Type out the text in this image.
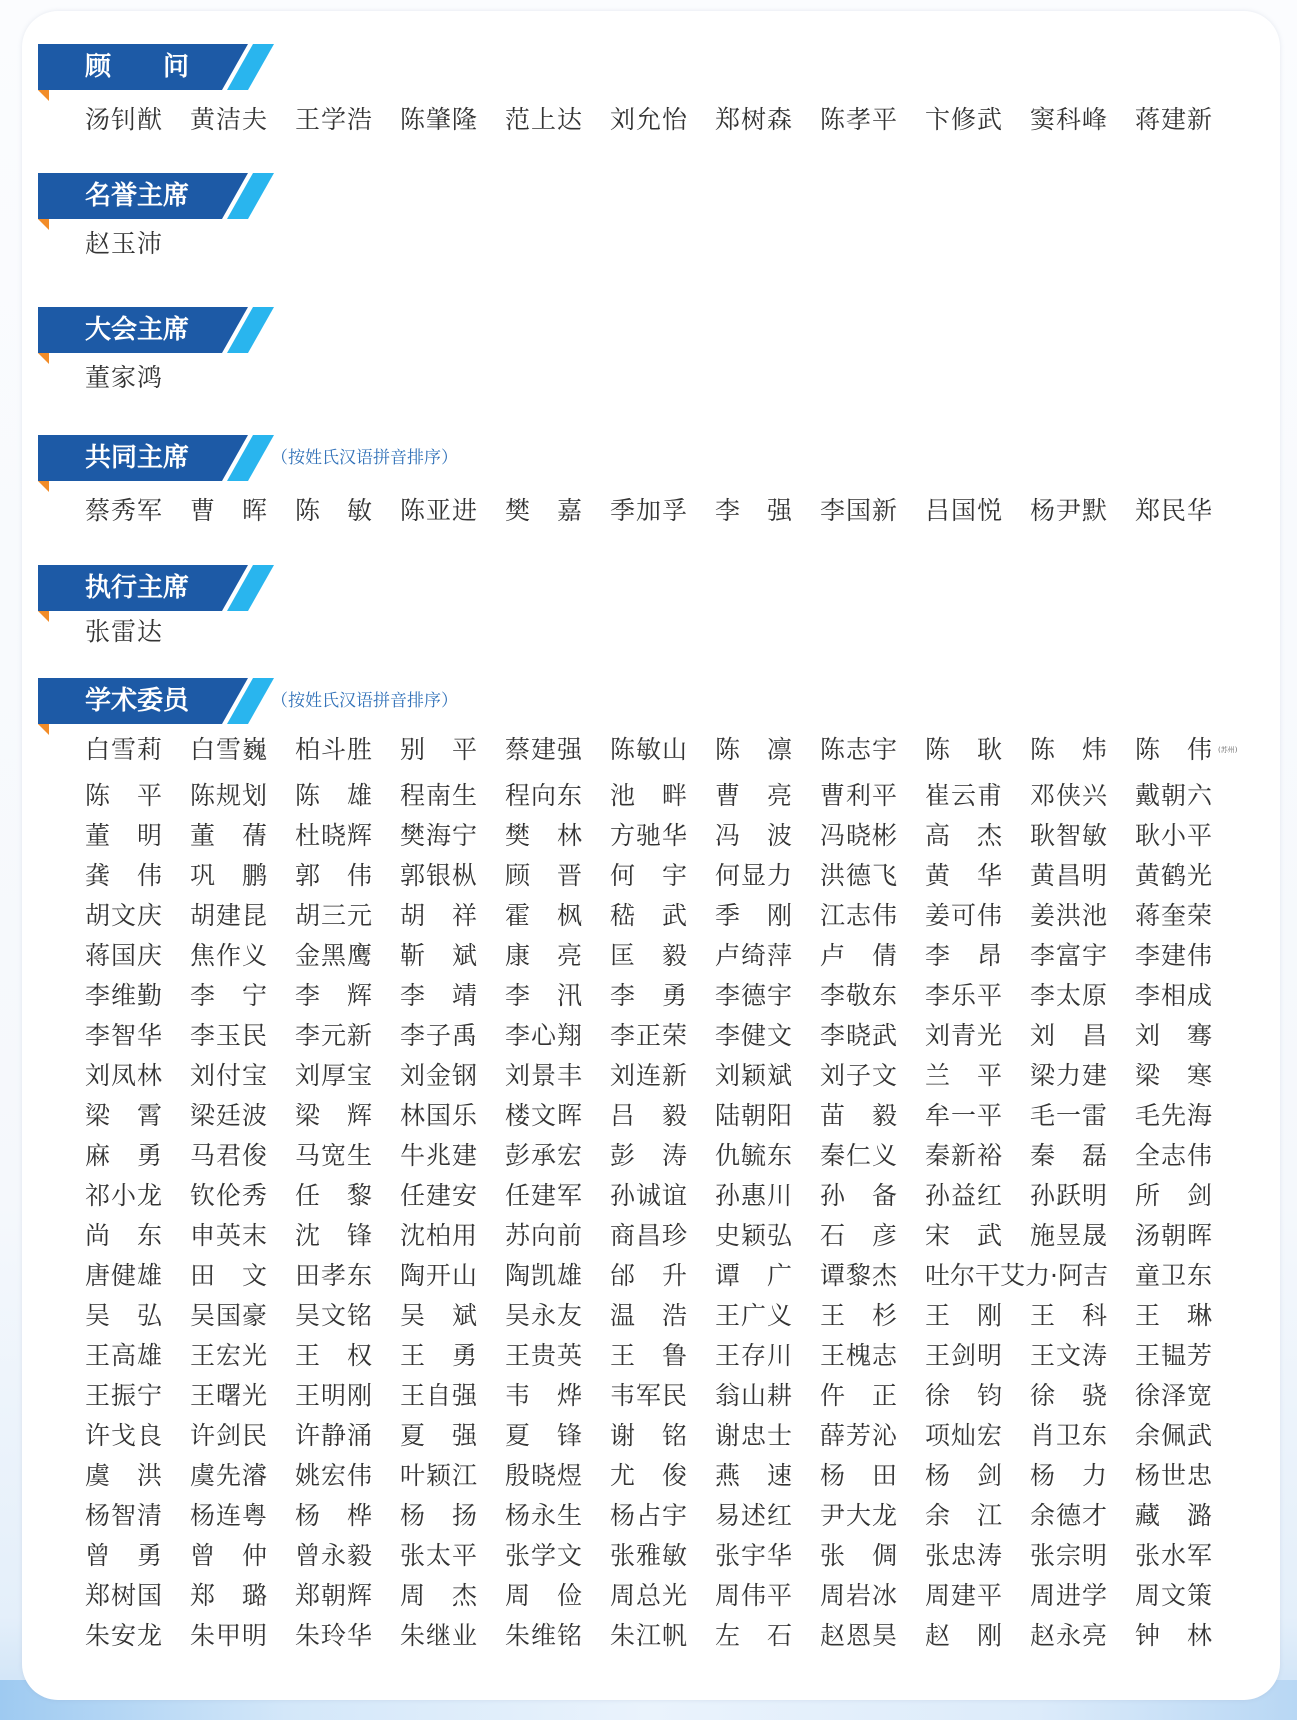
顾 问
汤 钊 猷 黄 洁 夫 王 学 浩 陈 肇 隆 范 上 达 刘 允 怡 郑 树 森 陈 孝 平 卞 修 武 窦 科 峰 蒋 建 新
名 誉 主 席
赵 玉 沛
大 会 主 席
董 家 鸿
共 同 主 席	（按姓氏汉语拼音排序）
蔡 秀 军 曹 晖 陈 敏 陈 亚 进 樊 嘉 季 加 孚 李 强 李 国 新 吕 国 悦 杨 尹 默 郑 民 华
执 行 主 席
张 雷 达
学 术 委 员	（按姓氏汉语拼音排序）
白 雪 莉 白 雪 巍 柏 斗 胜 别 平 蔡 建 强 陈 敏 山 陈 凛 陈 志 宇 陈 耿 陈 炜 陈 伟 (苏州)
陈 平 陈 规 划 陈 雄 程 南 生 程 向 东 池 畔 曹 亮 曹 利 平 崔 云 甫 邓 侠 兴 戴 朝 六
董 明 董 蒨 杜 晓 辉 樊 海 宁 樊 林 方 驰 华 冯 波 冯 晓 彬 高 杰 耿 智 敏 耿 小 平
龚 伟 巩 鹏 郭 伟 郭 银 枞 顾 晋 何 宇 何 显 力 洪 德 飞 黄 华 黄 昌 明 黄 鹤 光
胡 文 庆 胡 建 昆 胡 三 元 胡 祥 霍 枫 嵇 武 季 刚 江 志 伟 姜 可 伟 姜 洪 池 蒋 奎 荣
蒋 国 庆 焦 作 义 金 黑 鹰 靳 斌 康 亮 匡 毅 卢 绮 萍 卢 倩 李 昂 李 富 宇 李 建 伟
李 维 勤 李 宁 李 辉 李 靖 李 汛 李 勇 李 德 宇 李 敬 东 李 乐 平 李 太 原 李 相 成
李 智 华 李 玉 民 李 元 新 李 子 禹 李 心 翔 李 正 荣 李 健 文 李 晓 武 刘 青 光 刘 昌 刘 骞
刘 凤 林 刘 付 宝 刘 厚 宝 刘 金 钢 刘 景 丰 刘 连 新 刘 颖 斌 刘 子 文 兰 平 梁 力 建 梁 寒
梁 霄 梁 廷 波 梁 辉 林 国 乐 楼 文 晖 吕 毅 陆 朝 阳 苗 毅 牟 一 平 毛 一 雷 毛 先 海
麻 勇 马 君 俊 马 宽 生 牛 兆 建 彭 承 宏 彭 涛 仇 毓 东 秦 仁 义 秦 新 裕 秦 磊 全 志 伟
祁 小 龙 钦 伦 秀 任 黎 任 建 安 任 建 军 孙 诚 谊 孙 惠 川 孙 备 孙 益 红 孙 跃 明 所 剑
尚 东 申 英 末 沈 锋 沈 柏 用 苏 向 前 商 昌 珍 史 颖 弘 石 彦 宋 武 施 昱 晟 汤 朝 晖
唐 健 雄 田 文 田 孝 东 陶 开 山 陶 凯 雄 邰 升 谭 广 谭 黎 杰 吐尔干艾力·阿吉 童 卫 东
吴 弘 吴 国 豪 吴 文 铭 吴 斌 吴 永 友 温 浩 王 广 义 王 杉 王 刚 王 科 王 琳
王 高 雄 王 宏 光 王 权 王 勇 王 贵 英 王 鲁 王 存 川 王 槐 志 王 剑 明 王 文 涛 王 韫 芳
王 振 宁 王 曙 光 王 明 刚 王 自 强 韦 烨 韦 军 民 翁 山 耕 仵 正 徐 钧 徐 骁 徐 泽 宽
许 戈 良 许 剑 民 许 静 涌 夏 强 夏 锋 谢 铭 谢 忠 士 薛 芳 沁 项 灿 宏 肖 卫 东 余 佩 武
虞 洪 虞 先 濬 姚 宏 伟 叶 颖 江 殷 晓 煜 尤 俊 燕 速 杨 田 杨 剑 杨 力 杨 世 忠
杨 智 清 杨 连 粤 杨 桦 杨 扬 杨 永 生 杨 占 宇 易 述 红 尹 大 龙 余 江 余 德 才 藏 潞
曾 勇 曾 仲 曾 永 毅 张 太 平 张 学 文 张 雅 敏 张 宇 华 张 倜 张 忠 涛 张 宗 明 张 水 军
郑 树 国 郑 璐 郑 朝 辉 周 杰 周 俭 周 总 光 周 伟 平 周 岩 冰 周 建 平 周 进 学 周 文 策
朱 安 龙 朱 甲 明 朱 玲 华 朱 继 业 朱 维 铭 朱 江 帆 左 石 赵 恩 昊 赵 刚 赵 永 亮 钟 林
